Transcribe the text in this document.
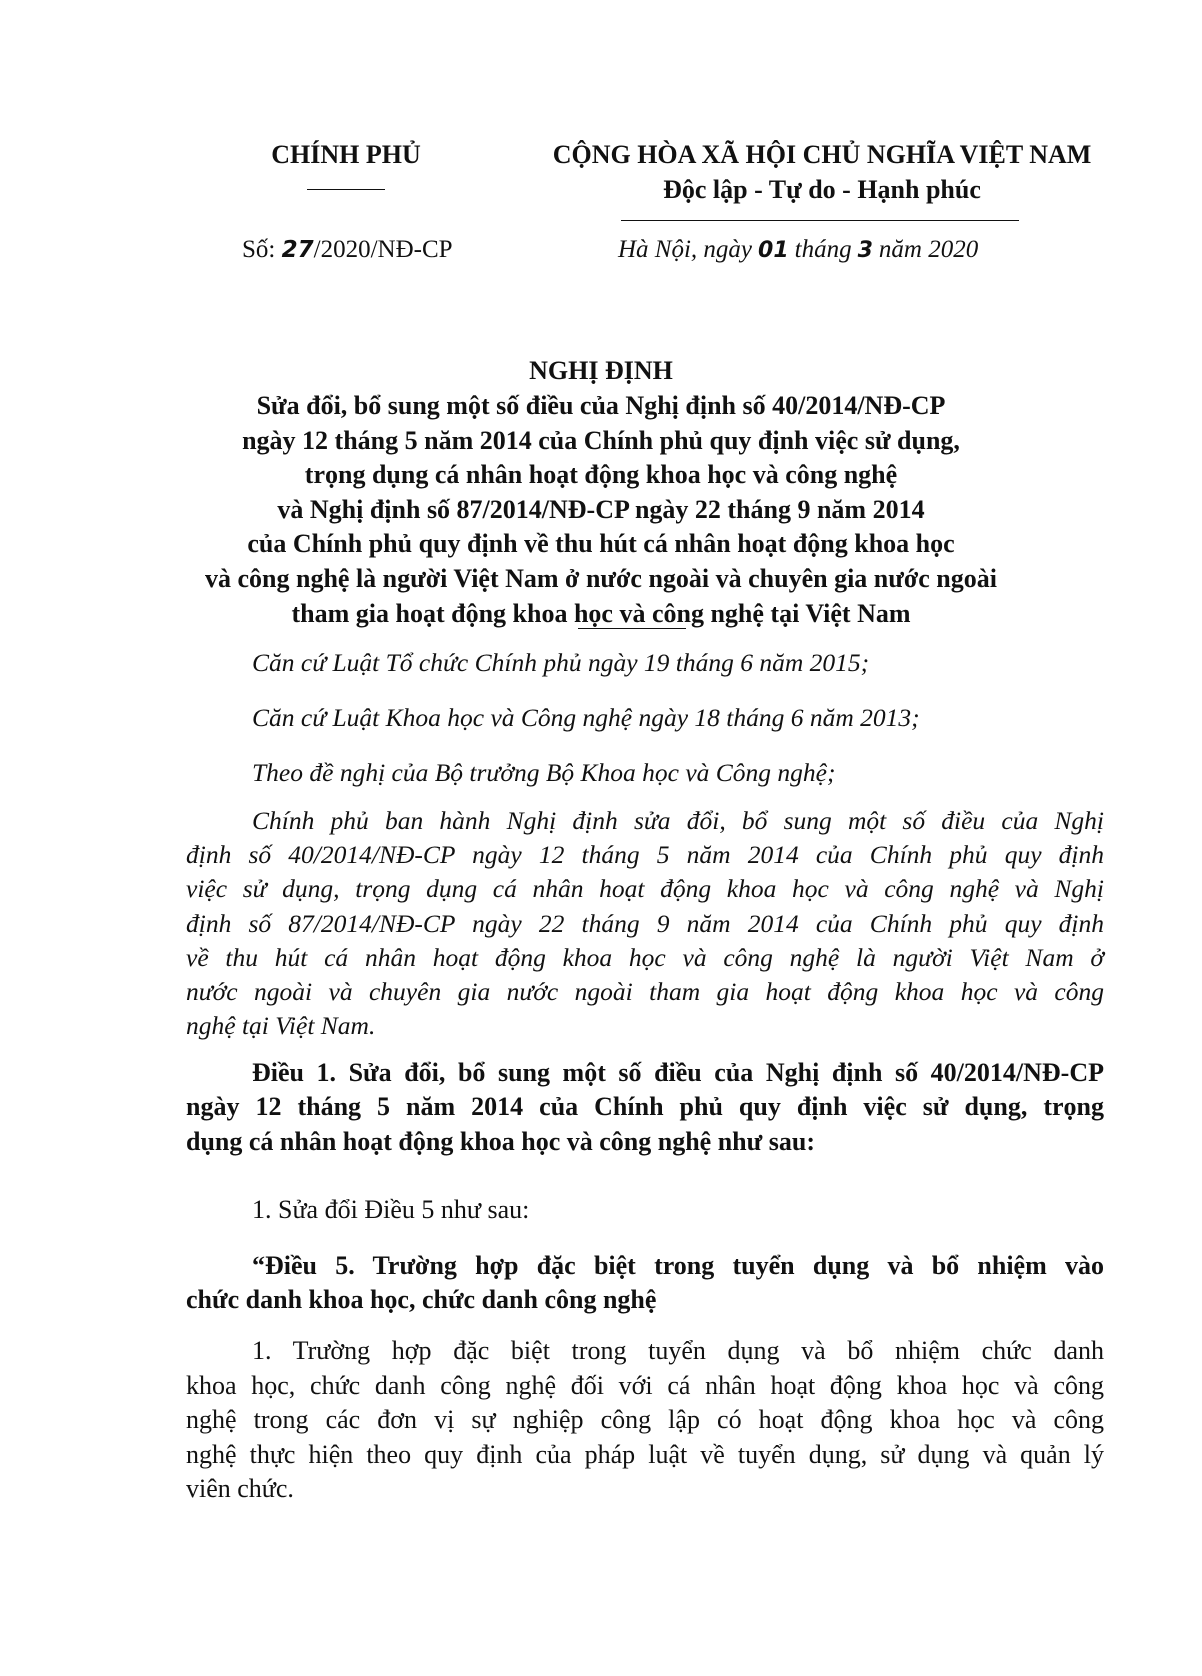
CHÍNH PHỦ	CỘNG HÒA XÃ HỘI CHỦ NGHĨA VIỆT NAM
Độc lập - Tự do - Hạnh phúc
Số: 27/2020/NĐ-CP	Hà Nội, ngày 01 tháng 3 năm 2020
NGHỊ ĐỊNH
Sửa đổi, bổ sung một số điều của Nghị định số 40/2014/NĐ-CP
ngày 12 tháng 5 năm 2014 của Chính phủ quy định việc sử dụng,
trọng dụng cá nhân hoạt động khoa học và công nghệ
và Nghị định số 87/2014/NĐ-CP ngày 22 tháng 9 năm 2014
của Chính phủ quy định về thu hút cá nhân hoạt động khoa học
và công nghệ là người Việt Nam ở nước ngoài và chuyên gia nước ngoài
tham gia hoạt động khoa học và công nghệ tại Việt Nam
Căn cứ Luật Tổ chức Chính phủ ngày 19 tháng 6 năm 2015;
Căn cứ Luật Khoa học và Công nghệ ngày 18 tháng 6 năm 2013;
Theo đề nghị của Bộ trưởng Bộ Khoa học và Công nghệ;
Chính phủ ban hành Nghị định sửa đổi, bổ sung một số điều của Nghị
định số 40/2014/NĐ-CP ngày 12 tháng 5 năm 2014 của Chính phủ quy định
việc sử dụng, trọng dụng cá nhân hoạt động khoa học và công nghệ và Nghị
định số 87/2014/NĐ-CP ngày 22 tháng 9 năm 2014 của Chính phủ quy định
về thu hút cá nhân hoạt động khoa học và công nghệ là người Việt Nam ở
nước ngoài và chuyên gia nước ngoài tham gia hoạt động khoa học và công
nghệ tại Việt Nam.
Điều 1. Sửa đổi, bổ sung một số điều của Nghị định số 40/2014/NĐ-CP
ngày 12 tháng 5 năm 2014 của Chính phủ quy định việc sử dụng, trọng
dụng cá nhân hoạt động khoa học và công nghệ như sau:
1. Sửa đổi Điều 5 như sau:
“Điều 5. Trường hợp đặc biệt trong tuyển dụng và bổ nhiệm vào
chức danh khoa học, chức danh công nghệ
1. Trường hợp đặc biệt trong tuyển dụng và bổ nhiệm chức danh
khoa học, chức danh công nghệ đối với cá nhân hoạt động khoa học và công
nghệ trong các đơn vị sự nghiệp công lập có hoạt động khoa học và công
nghệ thực hiện theo quy định của pháp luật về tuyển dụng, sử dụng và quản lý
viên chức.
